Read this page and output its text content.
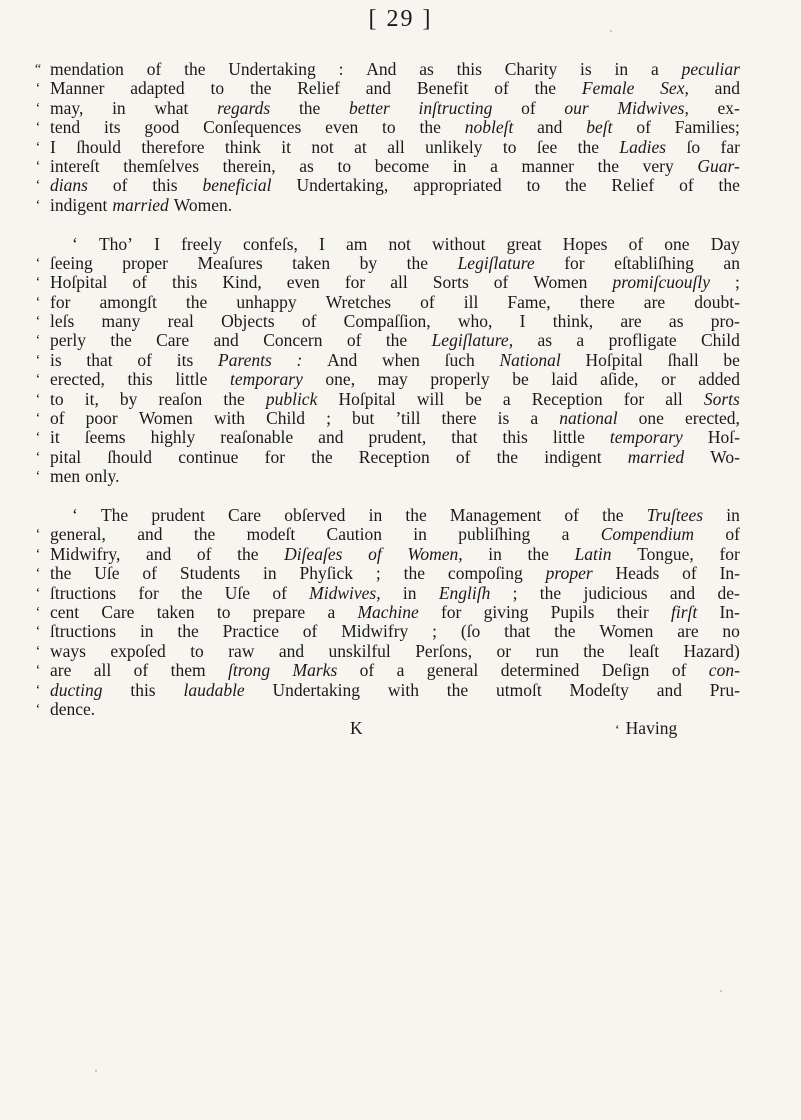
[ 29 ]
“ mendation of the Undertaking : And as this Charity is in a peculiar
‘ Manner adapted to the Relief and Benefit of the Female Sex, and
‘ may, in what regards the better inſtructing of our Midwives, ex-
‘ tend its good Conſequences even to the nobleſt and beſt of Families;
‘ I ſhould therefore think it not at all unlikely to ſee the Ladies ſo far
‘ intereſt themſelves therein, as to become in a manner the very Guar-
‘ dians of this beneficial Undertaking, appropriated to the Relief of the
‘ indigent married Women.
‘ Tho’ I freely confeſs, I am not without great Hopes of one Day
‘ ſeeing proper Meaſures taken by the Legiſlature for eſtabliſhing an
‘ Hoſpital of this Kind, even for all Sorts of Women promiſcuouſly ;
‘ for amongſt the unhappy Wretches of ill Fame, there are doubt-
‘ leſs many real Objects of Compaſſion, who, I think, are as pro-
‘ perly the Care and Concern of the Legiſlature, as a profligate Child
‘ is that of its Parents : And when ſuch National Hoſpital ſhall be
‘ erected, this little temporary one, may properly be laid aſide, or added
‘ to it, by reaſon the publick Hoſpital will be a Reception for all Sorts
‘ of poor Women with Child ; but ’till there is a national one erected,
‘ it ſeems highly reaſonable and prudent, that this little temporary Hoſ-
‘ pital ſhould continue for the Reception of the indigent married Wo-
‘ men only.
‘ The prudent Care obſerved in the Management of the Truſtees in
‘ general, and the modeſt Caution in publiſhing a Compendium of
‘ Midwifry, and of the Diſeaſes of Women, in the Latin Tongue, for
‘ the Uſe of Students in Phyſick ; the compoſing proper Heads of In-
‘ ſtructions for the Uſe of Midwives, in Engliſh ; the judicious and de-
‘ cent Care taken to prepare a Machine for giving Pupils their firſt In-
‘ ſtructions in the Practice of Midwifry ; (ſo that the Women are no
‘ ways expoſed to raw and unskilful Perſons, or run the leaſt Hazard)
‘ are all of them ſtrong Marks of a general determined Deſign of con-
‘ ducting this laudable Undertaking with the utmoſt Modeſty and Pru-
‘ dence.
K	‘ Having
